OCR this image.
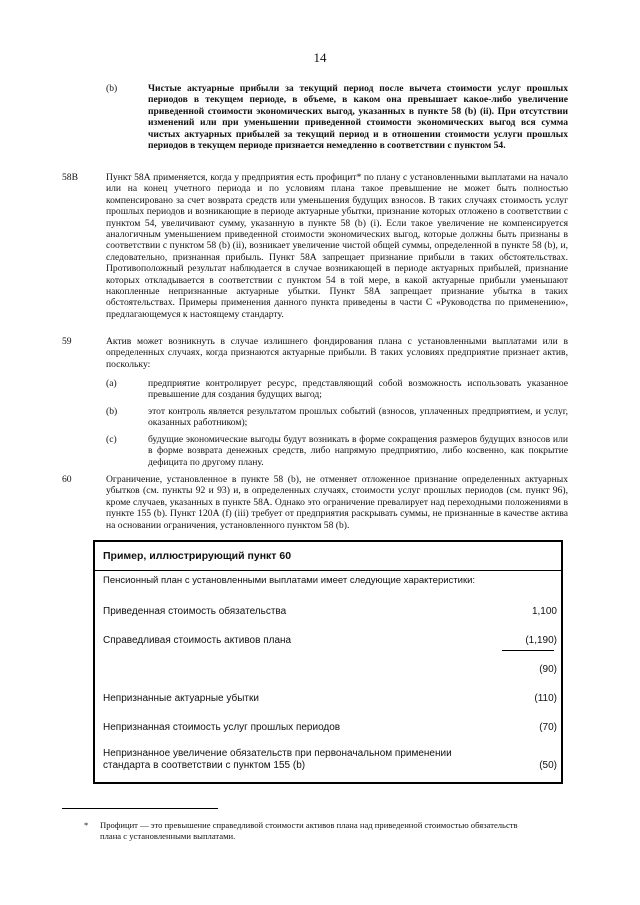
14
(b)	Чистые актуарные прибыли за текущий период после вычета стоимости услуг прошлых периодов в текущем периоде, в объеме, в каком она превышает какое-либо увеличение приведенной стоимости экономических выгод, указанных в пункте 58 (b) (ii). При отсутствии изменений или при уменьшении приведенной стоимости экономических выгод вся сумма чистых актуарных прибылей за текущий период и в отношении стоимости услуги прошлых периодов в текущем периоде признается немедленно в соответствии с пунктом 54.
58B	Пункт 58А применяется, когда у предприятия есть профицит* по плану с установленными выплатами на начало или на конец учетного периода и по условиям плана такое превышение не может быть полностью компенсировано за счет возврата средств или уменьшения будущих взносов. В таких случаях стоимость услуг прошлых периодов и возникающие в периоде актуарные убытки, признание которых отложено в соответствии с пунктом 54, увеличивают сумму, указанную в пункте 58 (b) (i). Если такое увеличение не компенсируется аналогичным уменьшением приведенной стоимости экономических выгод, которые должны быть признаны в соответствии с пунктом 58 (b) (ii), возникает увеличение чистой общей суммы, определенной в пункте 58 (b), и, следовательно, признанная прибыль. Пункт 58А запрещает признание прибыли в таких обстоятельствах. Противоположный результат наблюдается в случае возникающей в периоде актуарных прибылей, признание которых откладывается в соответствии с пунктом 54 в той мере, в какой актуарные прибыли уменьшают накопленные непризнанные актуарные убытки. Пункт 58А запрещает признание убытка в таких обстоятельствах. Примеры применения данного пункта приведены в части С «Руководства по применению», предлагающемуся к настоящему стандарту.
59	Актив может возникнуть в случае излишнего фондирования плана с установленными выплатами или в определенных случаях, когда признаются актуарные прибыли. В таких условиях предприятие признает актив, поскольку:
(a)	предприятие контролирует ресурс, представляющий собой возможность использовать указанное превышение для создания будущих выгод;
(b)	этот контроль является результатом прошлых событий (взносов, уплаченных предприятием, и услуг, оказанных работником);
(c)	будущие экономические выгоды будут возникать в форме сокращения размеров будущих взносов или в форме возврата денежных средств, либо напрямую предприятию, либо косвенно, как покрытие дефицита по другому плану.
60	Ограничение, установленное в пункте 58 (b), не отменяет отложенное признание определенных актуарных убытков (см. пункты 92 и 93) и, в определенных случаях, стоимости услуг прошлых периодов (см. пункт 96), кроме случаев, указанных в пункте 58А. Однако это ограничение превалирует над переходными положениями в пункте 155 (b). Пункт 120А (f) (iii) требует от предприятия раскрывать суммы, не признанные в качестве актива на основании ограничения, установленного пунктом 58 (b).
Пример, иллюстрирующий пункт 60
Пенсионный план с установленными выплатами имеет следующие характеристики:
Приведенная стоимость обязательства	1,100
Справедливая стоимость активов плана	(1,190)
(90)
Непризнанные актуарные убытки	(110)
Непризнанная стоимость услуг прошлых периодов	(70)
Непризнанное увеличение обязательств при первоначальном применении стандарта в соответствии с пунктом 155 (b)	(50)
* Профицит — это превышение справедливой стоимости активов плана над приведенной стоимостью обязательств плана с установленными выплатами.
